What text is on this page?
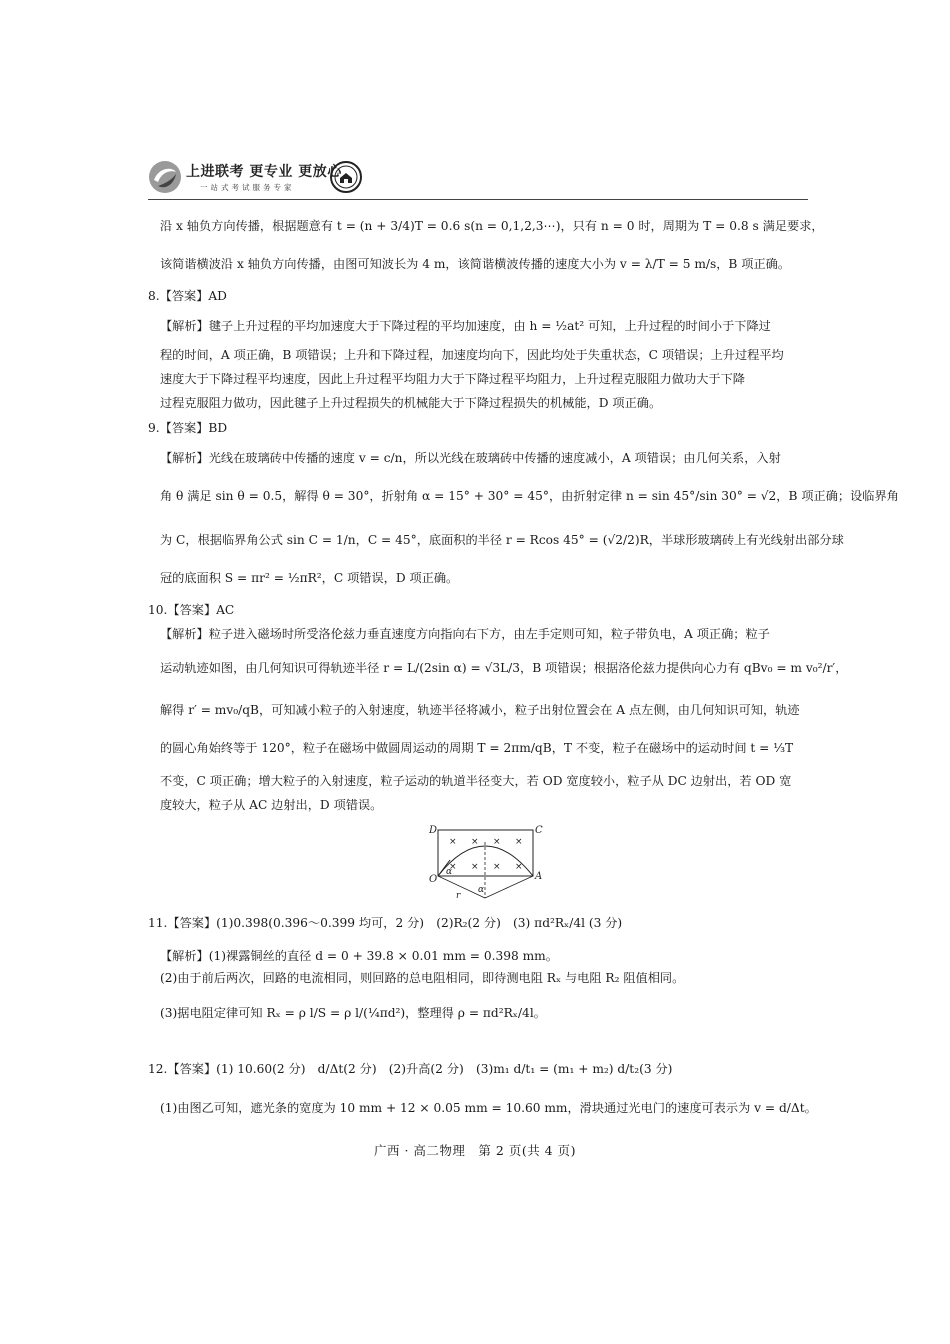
上进联考 更专业 更放心
一站式考试服务专家
沿 x 轴负方向传播，根据题意有 t = (n + 3/4)T = 0.6 s(n = 0,1,2,3⋯)，只有 n = 0 时，周期为 T = 0.8 s 满足要求，
该简谐横波沿 x 轴负方向传播，由图可知波长为 4 m，该简谐横波传播的速度大小为 v = λ/T = 5 m/s，B 项正确。
8.【答案】AD
【解析】毽子上升过程的平均加速度大于下降过程的平均加速度，由 h = ½at² 可知，上升过程的时间小于下降过
程的时间，A 项正确，B 项错误；上升和下降过程，加速度均向下，因此均处于失重状态，C 项错误；上升过程平均
速度大于下降过程平均速度，因此上升过程平均阻力大于下降过程平均阻力，上升过程克服阻力做功大于下降
过程克服阻力做功，因此毽子上升过程损失的机械能大于下降过程损失的机械能，D 项正确。
9.【答案】BD
【解析】光线在玻璃砖中传播的速度 v = c/n，所以光线在玻璃砖中传播的速度减小，A 项错误；由几何关系，入射
角 θ 满足 sin θ = 0.5，解得 θ = 30°，折射角 α = 15° + 30° = 45°，由折射定律 n = sin 45°/sin 30° = √2，B 项正确；设临界角
为 C，根据临界角公式 sin C = 1/n，C = 45°，底面积的半径 r = Rcos 45° = (√2/2)R，半球形玻璃砖上有光线射出部分球
冠的底面积 S = πr² = ½πR²，C 项错误，D 项正确。
10.【答案】AC
【解析】粒子进入磁场时所受洛伦兹力垂直速度方向指向右下方，由左手定则可知，粒子带负电，A 项正确；粒子
运动轨迹如图，由几何知识可得轨迹半径 r = L/(2sin α) = √3L/3，B 项错误；根据洛伦兹力提供向心力有 qBv₀ = m v₀²/r′，
解得 r′ = mv₀/qB，可知减小粒子的入射速度，轨迹半径将减小，粒子出射位置会在 A 点左侧，由几何知识可知，轨迹
的圆心角始终等于 120°，粒子在磁场中做圆周运动的周期 T = 2πm/qB，T 不变，粒子在磁场中的运动时间 t = ⅓T
不变，C 项正确；增大粒子的入射速度，粒子运动的轨道半径变大，若 OD 宽度较小，粒子从 DC 边射出，若 OD 宽
度较大，粒子从 AC 边射出，D 项错误。
11.【答案】(1)0.398(0.396～0.399 均可，2 分)　(2)R₂(2 分)　(3) πd²Rₓ/4l (3 分)
【解析】(1)裸露铜丝的直径 d = 0 + 39.8 × 0.01 mm = 0.398 mm。
(2)由于前后两次，回路的电流相同，则回路的总电阻相同，即待测电阻 Rₓ 与电阻 R₂ 阻值相同。
(3)据电阻定律可知 Rₓ = ρ l/S = ρ l/(¼πd²)，整理得 ρ = πd²Rₓ/4l。
12.【答案】(1) 10.60(2 分)　d/Δt(2 分)　(2)升高(2 分)　(3)m₁ d/t₁ = (m₁ + m₂) d/t₂(3 分)
(1)由图乙可知，遮光条的宽度为 10 mm + 12 × 0.05 mm = 10.60 mm，滑块通过光电门的速度可表示为 v = d/Δt。
× × × ×
× × × ×
D	C
O	A
α
α
r
广西 · 高二物理　第 2 页(共 4 页)
